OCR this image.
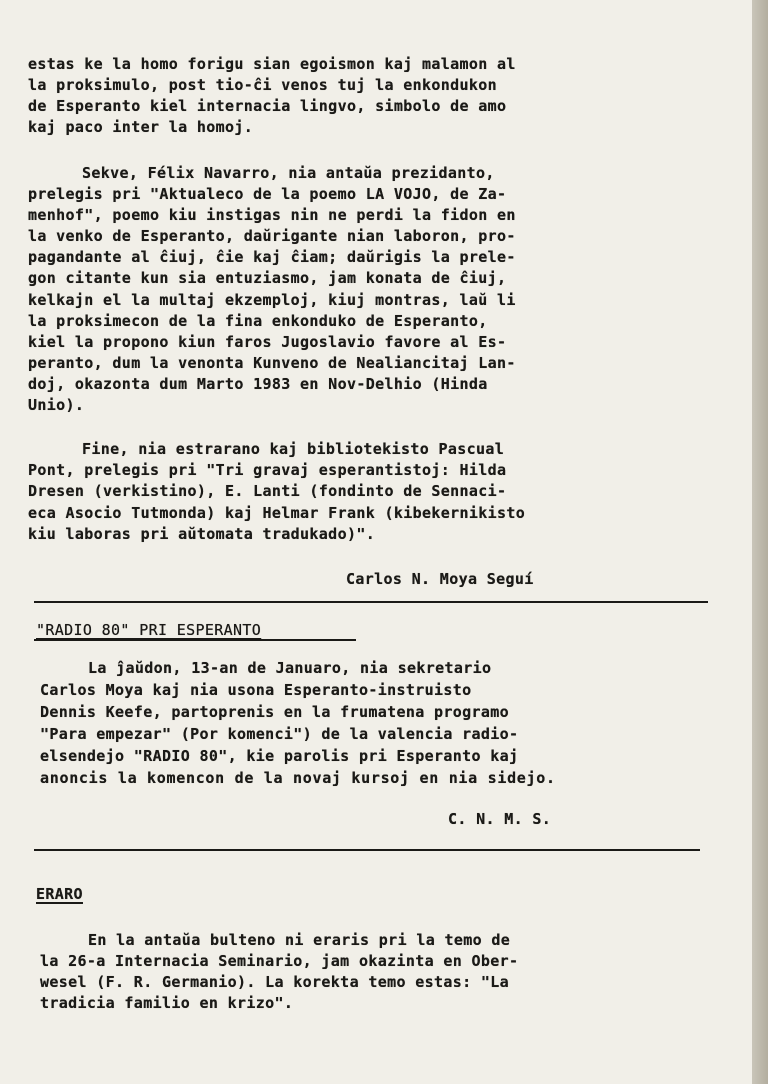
estas ke la homo forigu sian egoismon kaj malamon al
la proksimulo, post tio-ĉi venos tuj la enkondukon
de Esperanto kiel internacia lingvo, simbolo de amo
kaj paco inter la homoj.
Sekve, Félix Navarro, nia antaŭa prezidanto,
prelegis pri "Aktualeco de la poemo LA VOJO, de Za-
menhof", poemo kiu instigas nin ne perdi la fidon en
la venko de Esperanto, daŭrigante nian laboron, pro-
pagandante al ĉiuj, ĉie kaj ĉiam; daŭrigis la prele-
gon citante kun sia entuziasmo, jam konata de ĉiuj,
kelkajn el la multaj ekzemploj, kiuj montras, laŭ li
la proksimecon de la fina enkonduko de Esperanto,
kiel la propono kiun faros Jugoslavio favore al Es-
peranto, dum la venonta Kunveno de Nealiancitaj Lan-
doj, okazonta dum Marto 1983 en Nov-Delhio (Hinda
Unio).
Fine, nia estrarano kaj bibliotekisto Pascual
Pont, prelegis pri "Tri gravaj esperantistoj: Hilda
Dresen (verkistino), E. Lanti (fondinto de Sennaci-
eca Asocio Tutmonda) kaj Helmar Frank (kibekernikisto
kiu laboras pri aŭtomata tradukado)".
Carlos N. Moya Seguí
"RADIO 80" PRI ESPERANTO
La ĵaŭdon, 13-an de Januaro, nia sekretario
Carlos Moya kaj nia usona Esperanto-instruisto
Dennis Keefe, partoprenis en la frumatena programo
"Para empezar" (Por komenci") de la valencia radio-
elsendejo "RADIO 80", kie parolis pri Esperanto kaj
anoncis la komencon de la novaj kursoj en nia sidejo.
C. N. M. S.
ERARO
En la antaŭa bulteno ni eraris pri la temo de
la 26-a Internacia Seminario, jam okazinta en Ober-
wesel (F. R. Germanio). La korekta temo estas: "La
tradicia familio en krizo".
